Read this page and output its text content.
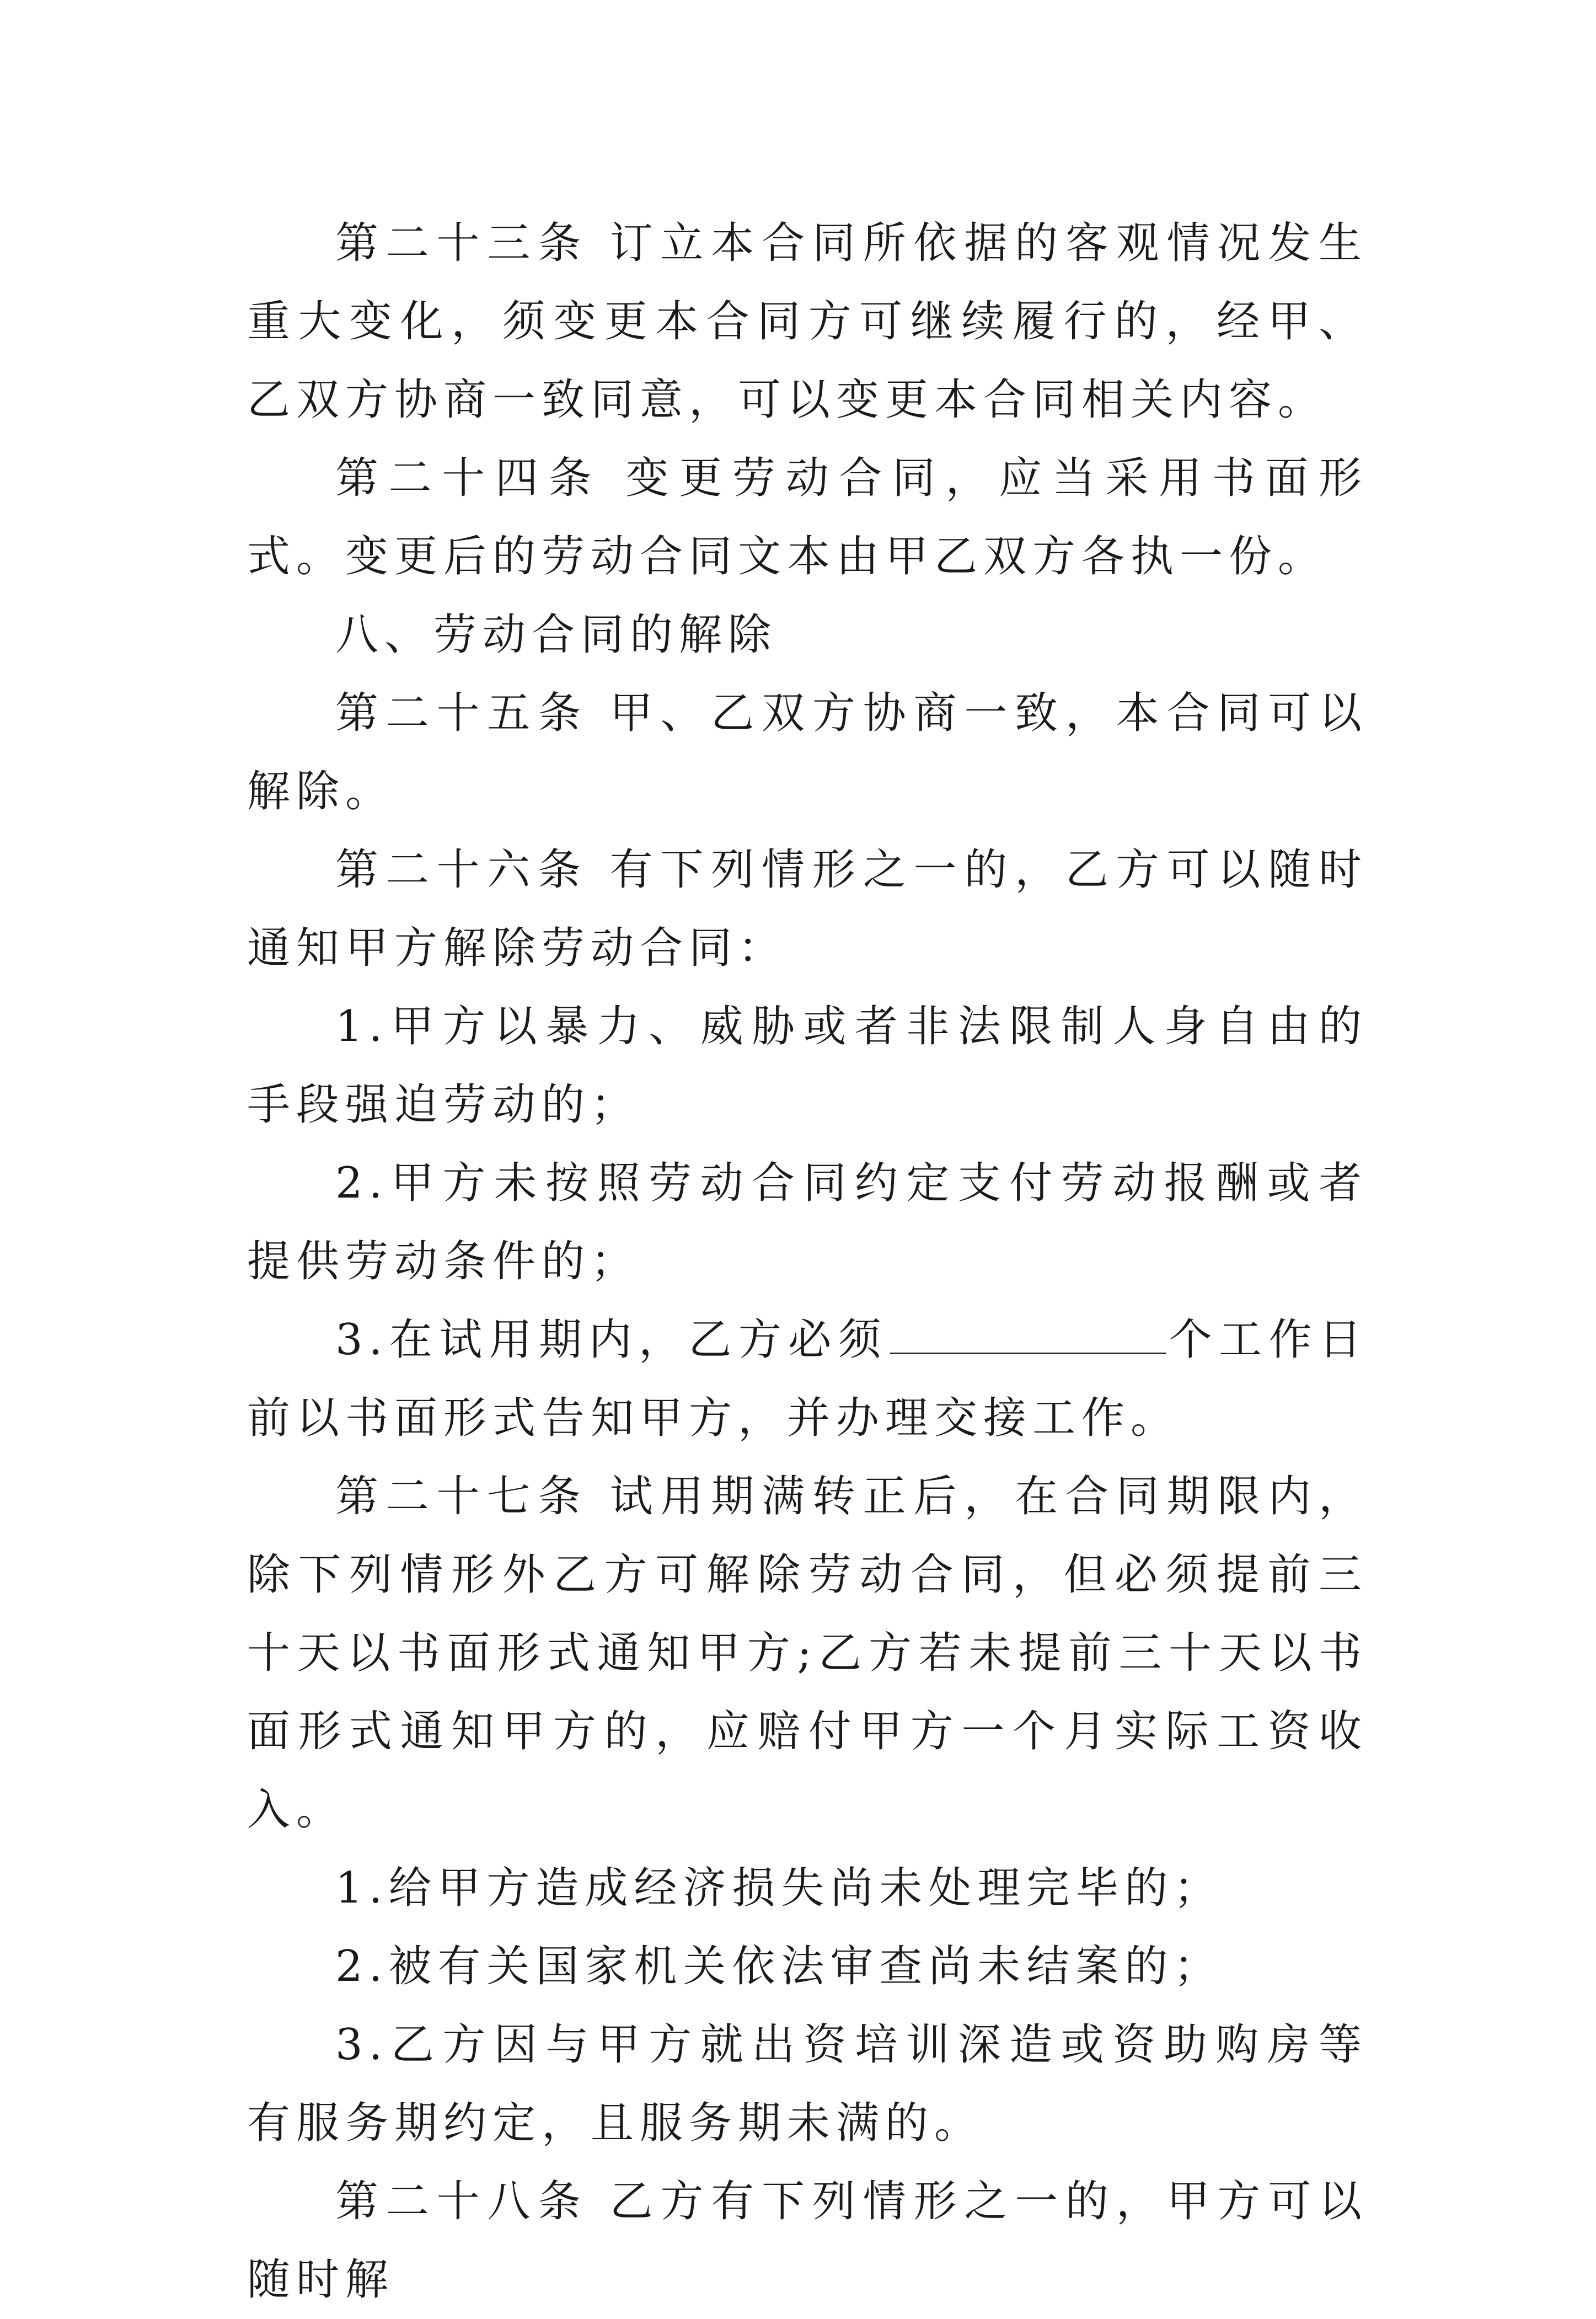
第二十三条 订立本合同所依据的客观情况发生重大变化，须变更本合同方可继续履行的，经甲、乙双方协商一致同意，可以变更本合同相关内容。

第二十四条 变更劳动合同，应当采用书面形式。变更后的劳动合同文本由甲乙双方各执一份。

八、劳动合同的解除

第二十五条 甲、乙双方协商一致，本合同可以解除。

第二十六条 有下列情形之一的，乙方可以随时通知甲方解除劳动合同：

1.甲方以暴力、威胁或者非法限制人身自由的手段强迫劳动的；

2.甲方未按照劳动合同约定支付劳动报酬或者提供劳动条件的；

3.在试用期内，乙方必须	个工作日前以书面形式告知甲方，并办理交接工作。

第二十七条 试用期满转正后，在合同期限内，除下列情形外乙方可解除劳动合同，但必须提前三十天以书面形式通知甲方;乙方若未提前三十天以书面形式通知甲方的，应赔付甲方一个月实际工资收入。

1.给甲方造成经济损失尚未处理完毕的；

2.被有关国家机关依法审查尚未结案的；

3.乙方因与甲方就出资培训深造或资助购房等有服务期约定，且服务期未满的。

第二十八条 乙方有下列情形之一的，甲方可以随时解
